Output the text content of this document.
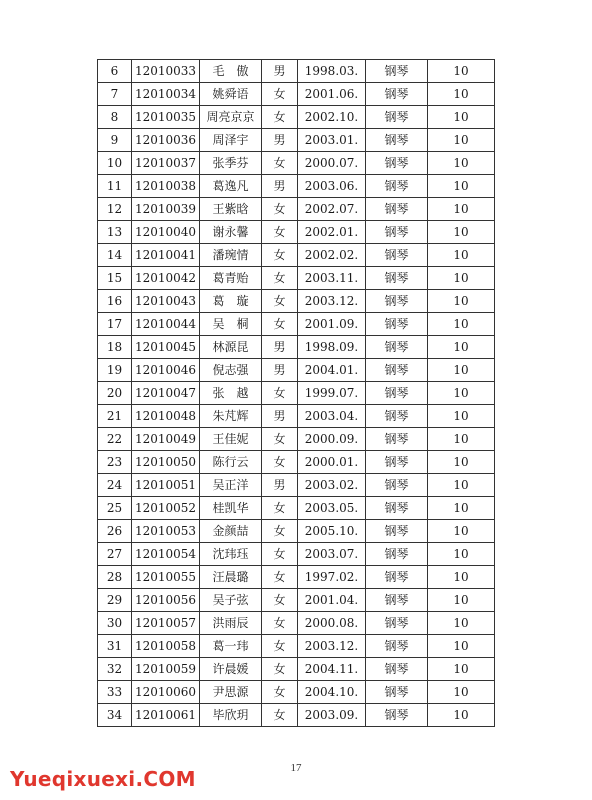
6	12010033	毛　傲	男	1998.03.	钢琴	10
7	12010034	姚舜语	女	2001.06.	钢琴	10
8	12010035	周亮京京	女	2002.10.	钢琴	10
9	12010036	周泽宇	男	2003.01.	钢琴	10
10	12010037	张季芬	女	2000.07.	钢琴	10
11	12010038	葛逸凡	男	2003.06.	钢琴	10
12	12010039	王紫晗	女	2002.07.	钢琴	10
13	12010040	谢永馨	女	2002.01.	钢琴	10
14	12010041	潘琬情	女	2002.02.	钢琴	10
15	12010042	葛青贻	女	2003.11.	钢琴	10
16	12010043	葛　璇	女	2003.12.	钢琴	10
17	12010044	吴　桐	女	2001.09.	钢琴	10
18	12010045	林源昆	男	1998.09.	钢琴	10
19	12010046	倪志强	男	2004.01.	钢琴	10
20	12010047	张　越	女	1999.07.	钢琴	10
21	12010048	朱芃辉	男	2003.04.	钢琴	10
22	12010049	王佳妮	女	2000.09.	钢琴	10
23	12010050	陈行云	女	2000.01.	钢琴	10
24	12010051	吴正洋	男	2003.02.	钢琴	10
25	12010052	桂凯华	女	2003.05.	钢琴	10
26	12010053	金颜喆	女	2005.10.	钢琴	10
27	12010054	沈玮珏	女	2003.07.	钢琴	10
28	12010055	汪晨璐	女	1997.02.	钢琴	10
29	12010056	吴子弦	女	2001.04.	钢琴	10
30	12010057	洪雨辰	女	2000.08.	钢琴	10
31	12010058	葛一玮	女	2003.12.	钢琴	10
32	12010059	许晨媛	女	2004.11.	钢琴	10
33	12010060	尹思源	女	2004.10.	钢琴	10
34	12010061	毕欣玥	女	2003.09.	钢琴	10
17
Yueqixuexi.COM
